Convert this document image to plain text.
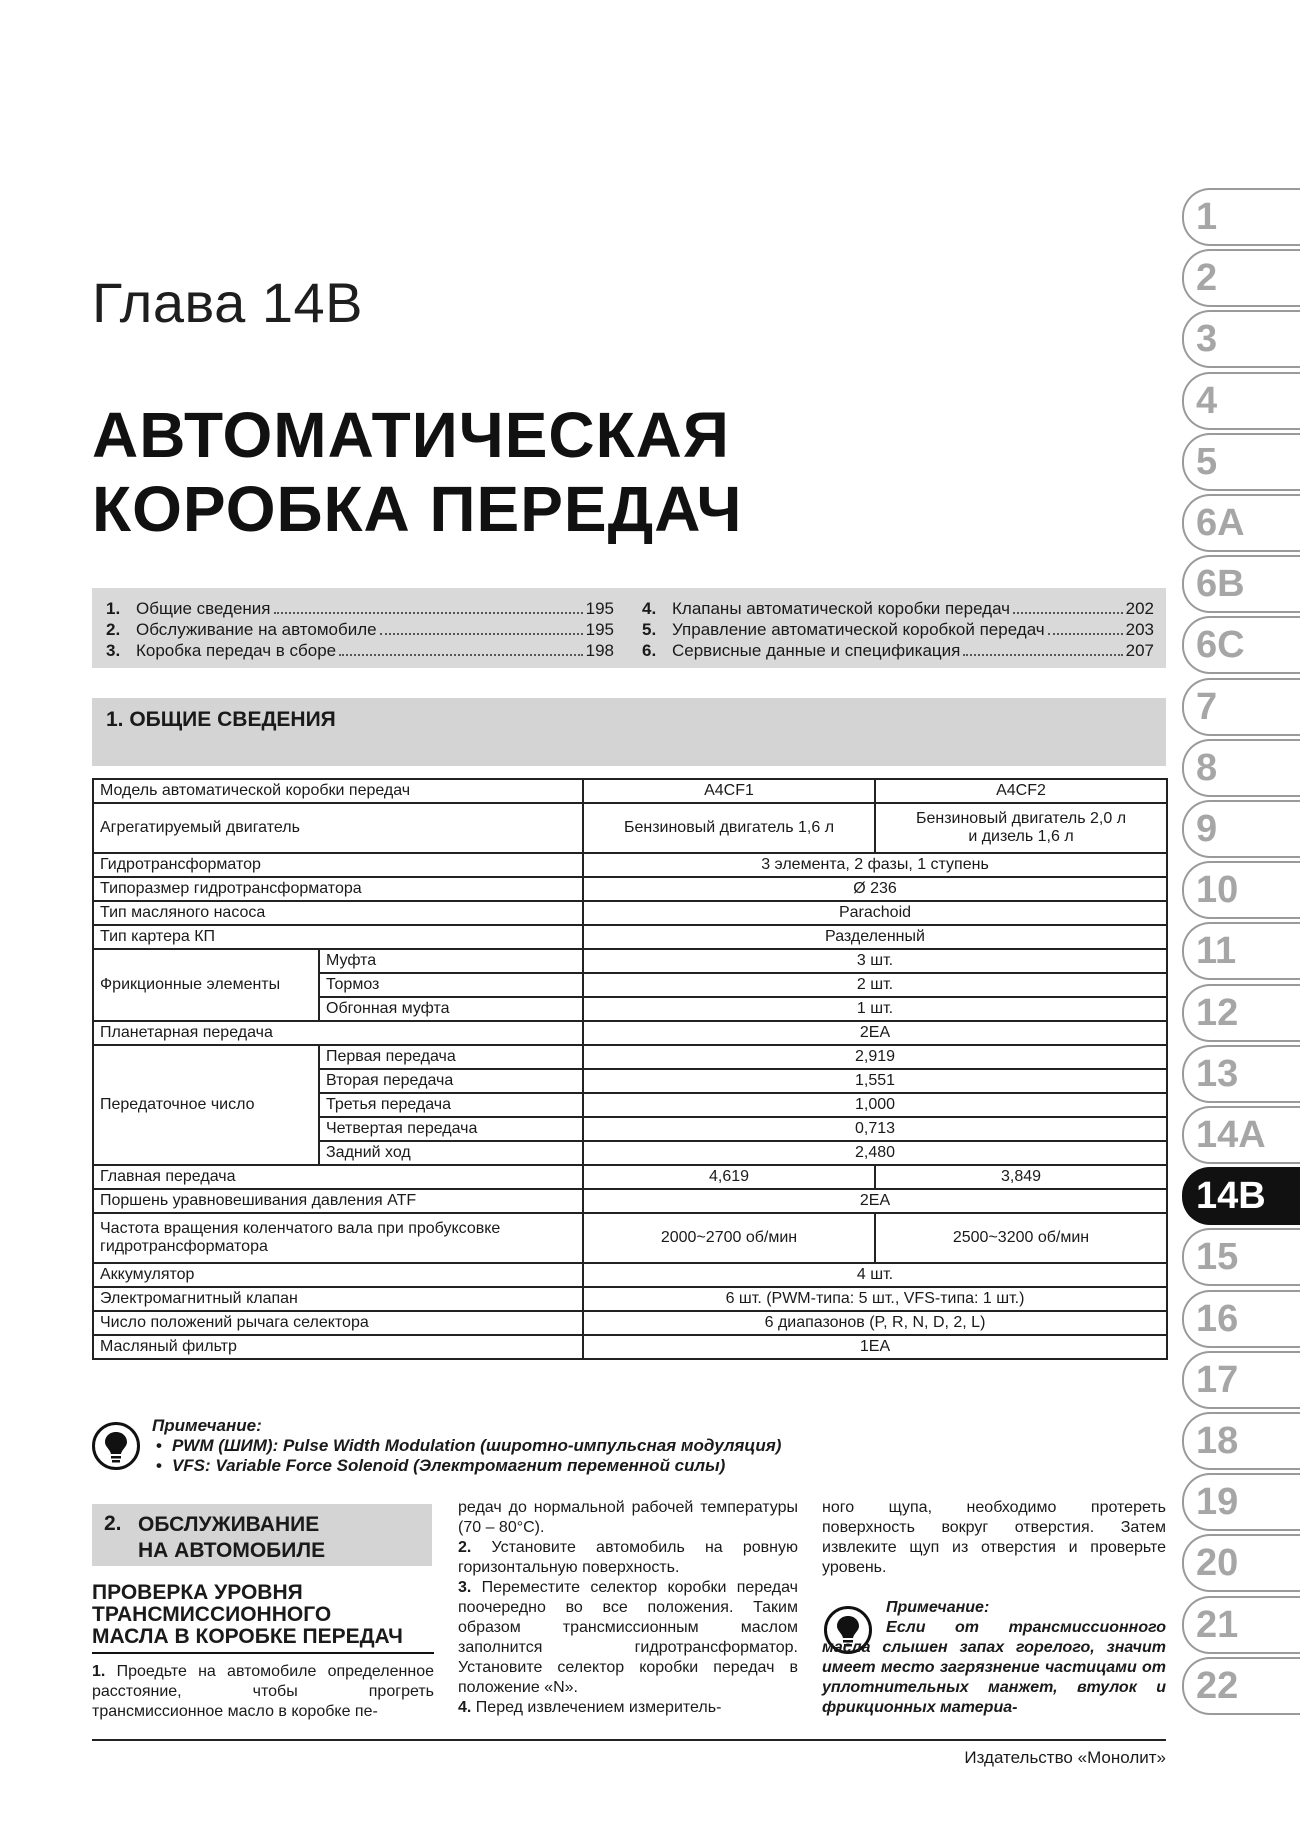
Глава 14B
АВТОМАТИЧЕСКАЯ
КОРОБКА ПЕРЕДАЧ
1. Общие сведения	195
2. Обслуживание на автомобиле	195
3. Коробка передач в сборе	198
4. Клапаны автоматической коробки передач	202
5. Управление автоматической коробкой передач	203
6. Сервисные данные и спецификация	207
1. ОБЩИЕ СВЕДЕНИЯ
Модель автоматической коробки передач		A4CF1	A4CF2
Агрегатируемый двигатель		Бензиновый двигатель 1,6 л	Бензиновый двигатель 2,0 л
и дизель 1,6 л
Гидротрансформатор		3 элемента, 2 фазы, 1 ступень	
Типоразмер гидротрансформатора		Ø 236	
Тип масляного насоса		Parachoid	
Тип картера КП		Разделенный	
Фрикционные элементы	Муфта	3 шт.	
	Тормоз	2 шт.	
	Обгонная муфта	1 шт.	
Планетарная передача		2EA	
Передаточное число	Первая передача	2,919	
	Вторая передача	1,551	
	Третья передача	1,000	
	Четвертая передача	0,713	
	Задний ход	2,480	
Главная передача		4,619	3,849
Поршень уравновешивания давления ATF		2EA	
Частота вращения коленчатого вала при пробуксовке
гидротрансформатора		2000~2700 об/мин	2500~3200 об/мин
Аккумулятор		4 шт.	
Электромагнитный клапан		6 шт. (PWM-типа: 5 шт., VFS-типа: 1 шт.)	
Число положений рычага селектора		6 диапазонов (P, R, N, D, 2, L)	
Масляный фильтр		1EA	
Примечание:
• PWM (ШИМ): Pulse Width Modulation (широтно-импульсная модуляция)
• VFS: Variable Force Solenoid (Электромагнит переменной силы)
2. ОБСЛУЖИВАНИЕ
НА АВТОМОБИЛЕ
ПРОВЕРКА УРОВНЯ
ТРАНСМИССИОННОГО
МАСЛА В КОРОБКЕ ПЕРЕДАЧ
1. Проедьте на автомобиле определенное расстояние, чтобы прогреть трансмиссионное масло в коробке пе-
редач до нормальной рабочей температуры (70 – 80°C).
2. Установите автомобиль на ровную горизонтальную поверхность.
3. Переместите селектор коробки передач поочередно во все положения. Таким образом трансмиссионным маслом заполнится гидротрансформатор. Установите селектор коробки передач в положение «N».
4. Перед извлечением измеритель-
ного щупа, необходимо протереть поверхность вокруг отверстия. Затем извлеките щуп из отверстия и проверьте уровень.
Примечание:
Если от трансмиссионного масла слышен запах горелого, значит имеет место загрязнение частицами от уплотнительных манжет, втулок и фрикционных материа-
Издательство «Монолит»
1
2
3
4
5
6A
6B
6C
7
8
9
10
11
12
13
14A
14B
15
16
17
18
19
20
21
22
